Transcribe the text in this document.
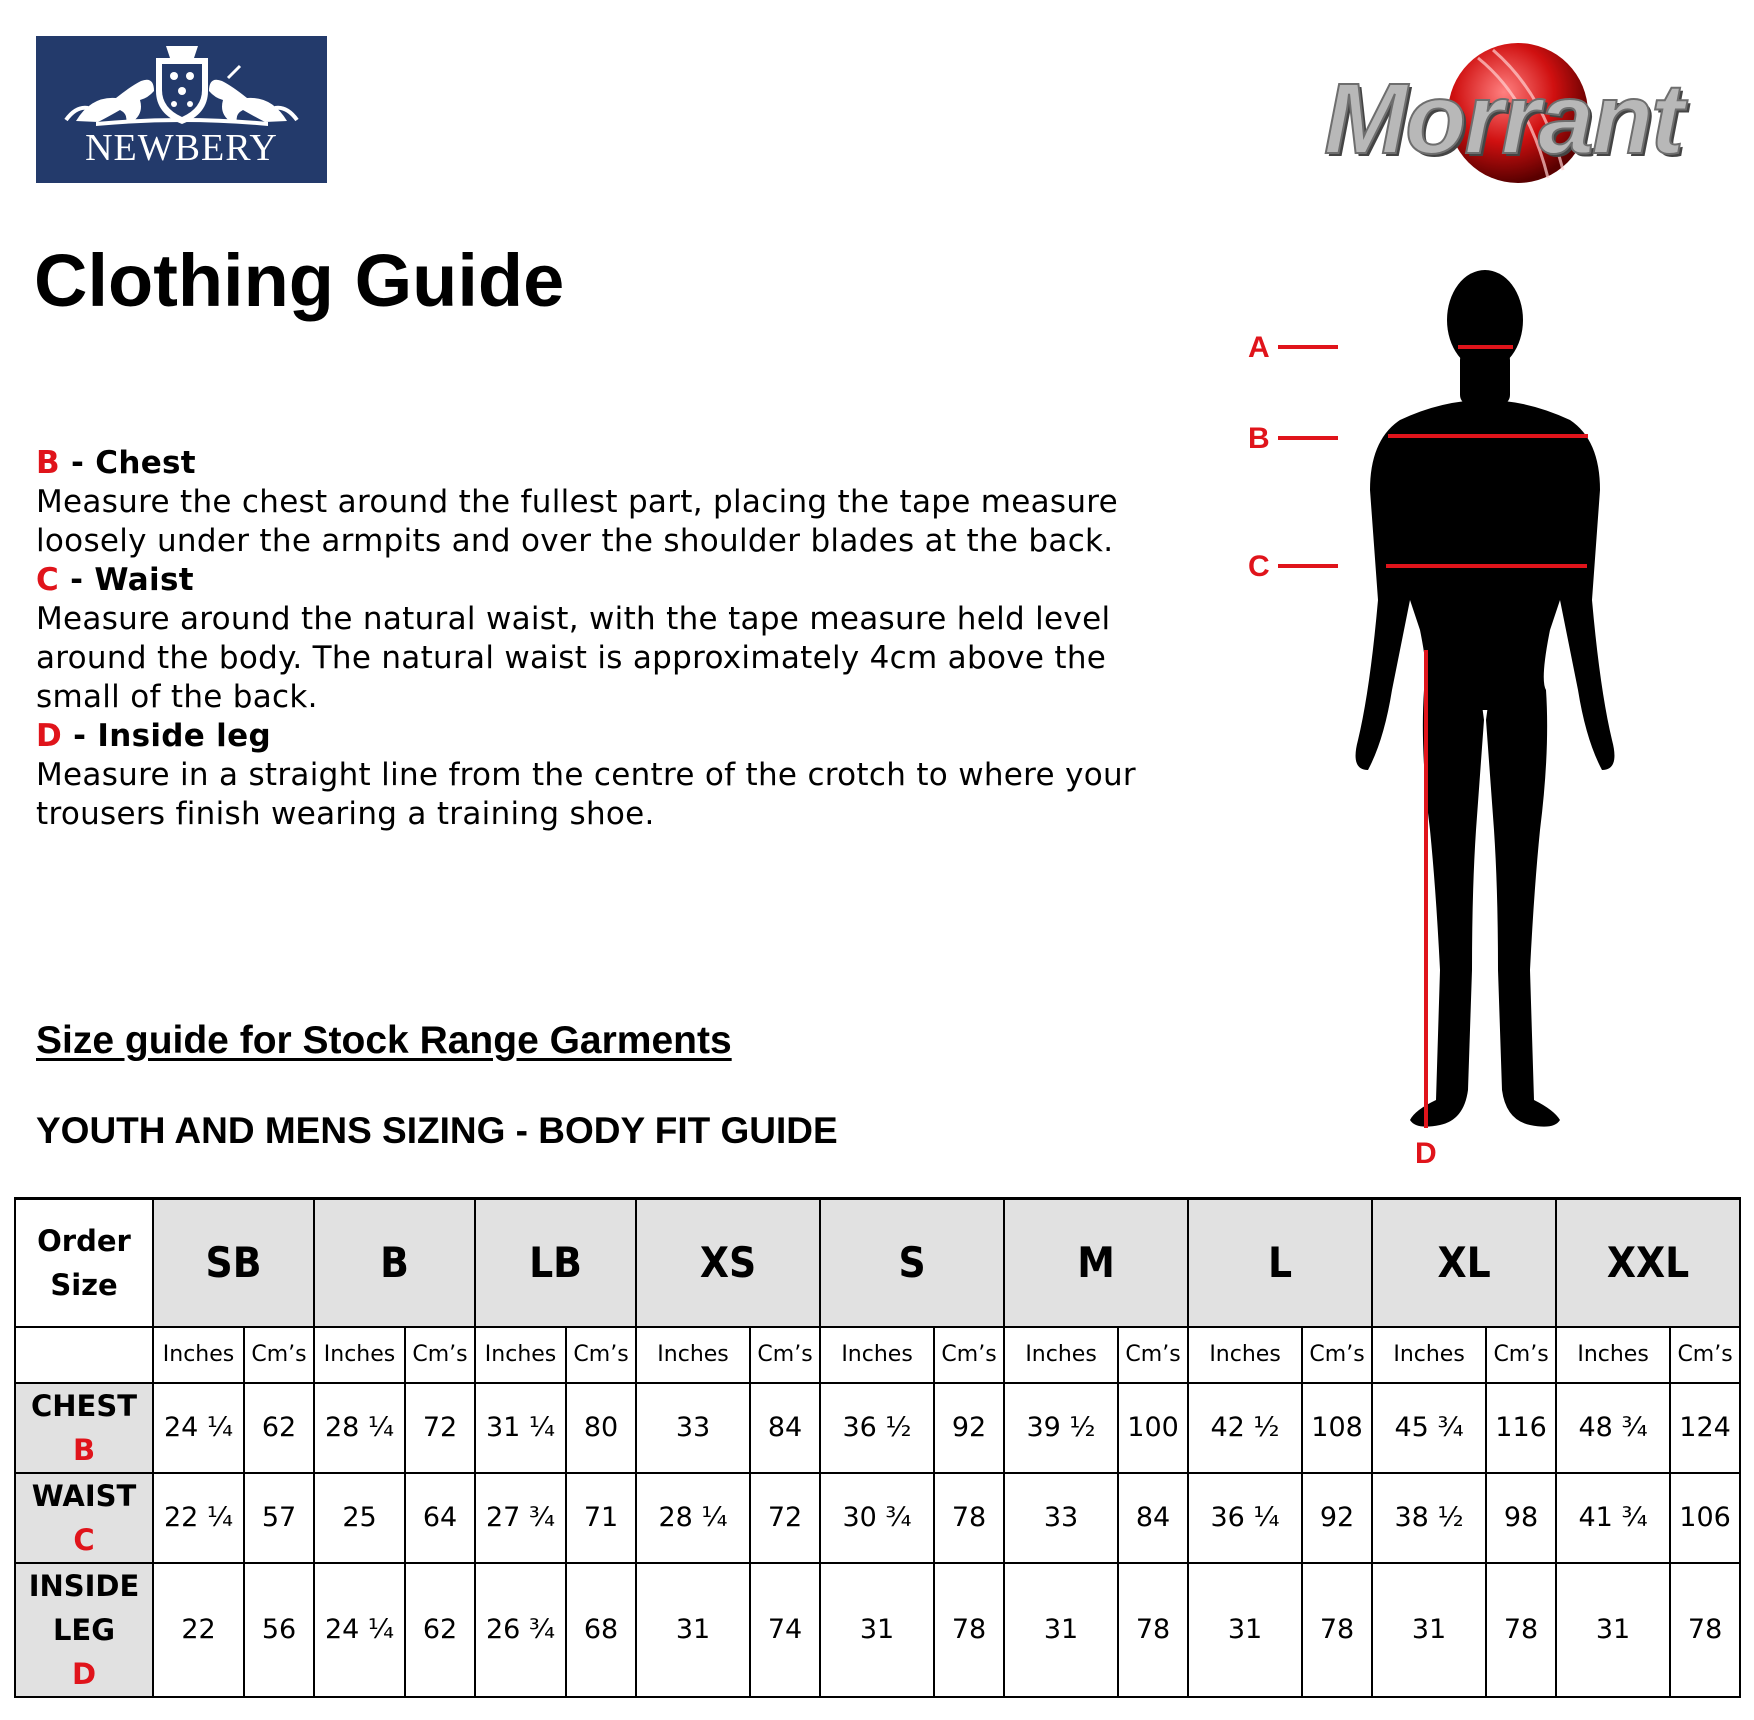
NEWBERY	Morrant
Clothing Guide
B - Chest
Measure the chest around the fullest part, placing the tape measure loosely under the armpits and over the shoulder blades at the back.
C - Waist
Measure around the natural waist, with the tape measure held level around the body. The natural waist is approximately 4cm above the small of the back.
D - Inside leg
Measure in a straight line from the centre of the crotch to where your trousers finish wearing a training shoe.
Size guide for Stock Range Garments
YOUTH AND MENS SIZING - BODY FIT GUIDE
A
B
C
D
Order
Size	SB		B		LB		XS		S		M		L		XL		XXL	
	Inches	Cm’s	Inches	Cm’s	Inches	Cm’s	Inches	Cm’s	Inches	Cm’s	Inches	Cm’s	Inches	Cm’s	Inches	Cm’s	Inches	Cm’s
CHEST
B	24 ¼	62	28 ¼	72	31 ¼	80	33	84	36 ½	92	39 ½	100	42 ½	108	45 ¾	116	48 ¾	124
WAIST
C	22 ¼	57	25	64	27 ¾	71	28 ¼	72	30 ¾	78	33	84	36 ¼	92	38 ½	98	41 ¾	106

INSIDE
LEG
D	22	56	24 ¼	62	26 ¾	68	31	74	31	78	31	78	31	78	31	78	31	78
